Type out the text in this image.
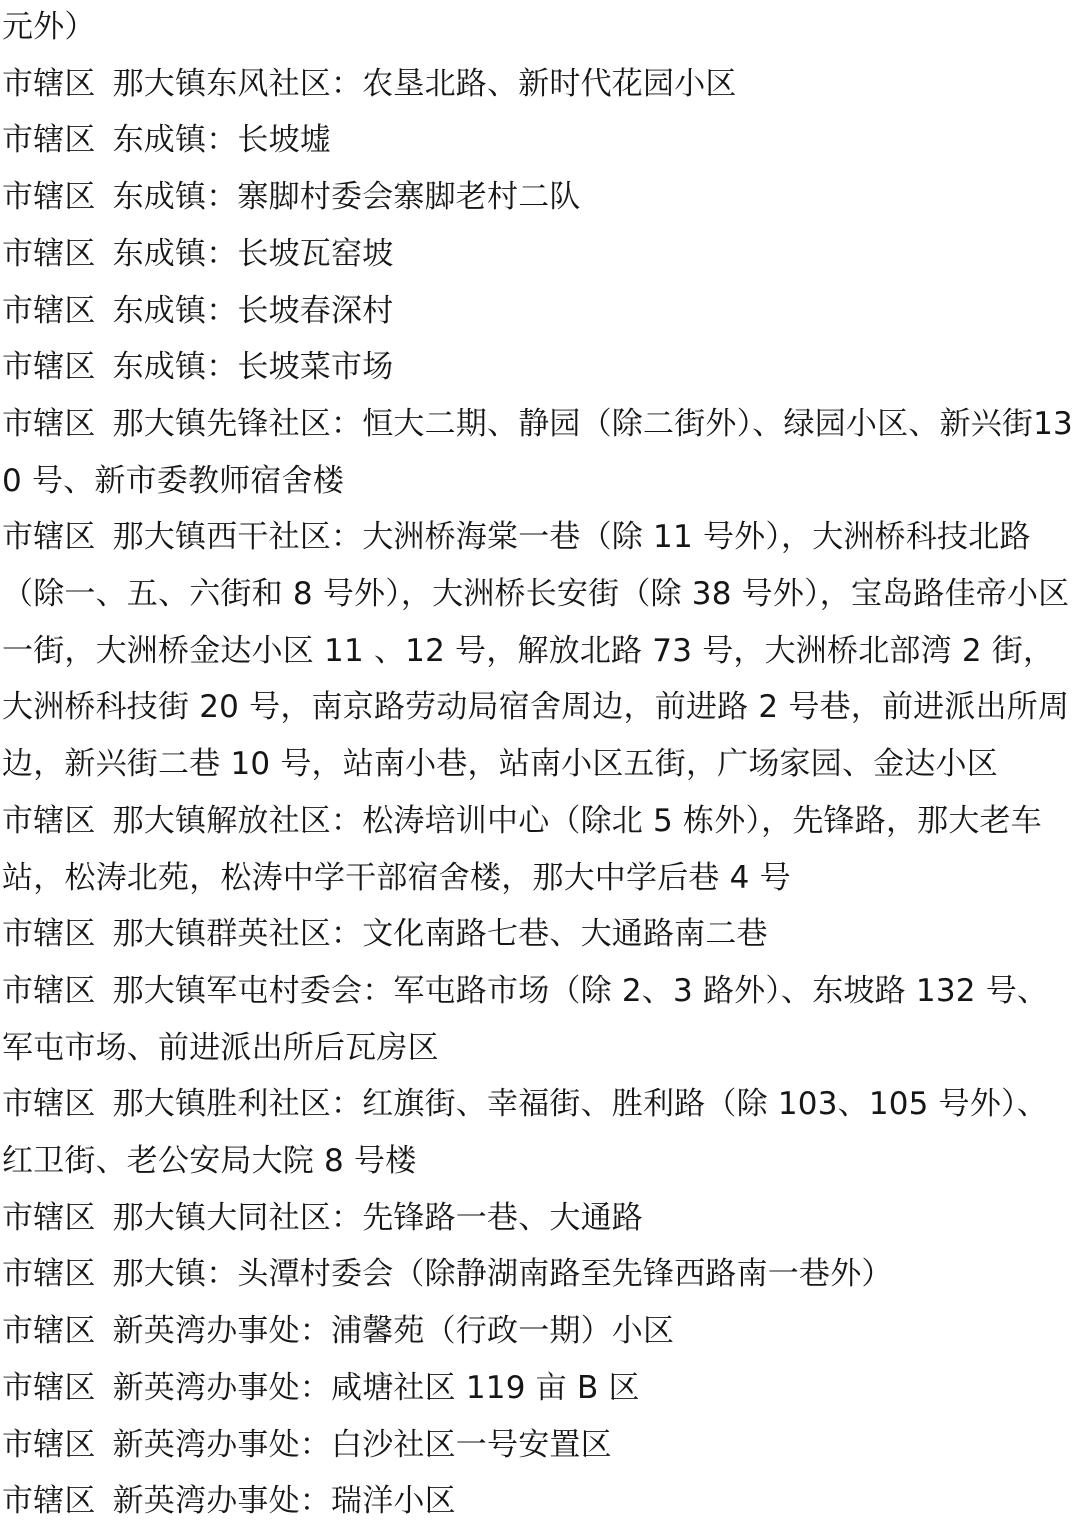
元外）

市辖区 那大镇东风社区：农垦北路、新时代花园小区

市辖区 东成镇：长坡墟

市辖区 东成镇：寨脚村委会寨脚老村二队

市辖区 东成镇：长坡瓦窑坡

市辖区 东成镇：长坡春深村

市辖区 东成镇：长坡菜市场

市辖区 那大镇先锋社区：恒大二期、静园（除二街外）、绿园小区、新兴街130 号、新市委教师宿舍楼

市辖区 那大镇西干社区：大洲桥海棠一巷（除 11 号外），大洲桥科技北路（除一、五、六街和 8 号外），大洲桥长安街（除 38 号外），宝岛路佳帝小区一街，大洲桥金达小区 11 、12 号，解放北路 73 号，大洲桥北部湾 2 街，大洲桥科技街 20 号，南京路劳动局宿舍周边，前进路 2 号巷，前进派出所周边，新兴街二巷 10 号，站南小巷，站南小区五街，广场家园、金达小区

市辖区 那大镇解放社区：松涛培训中心（除北 5 栋外），先锋路，那大老车站，松涛北苑，松涛中学干部宿舍楼，那大中学后巷 4 号

市辖区 那大镇群英社区：文化南路七巷、大通路南二巷

市辖区 那大镇军屯村委会：军屯路市场（除 2、3 路外）、东坡路 132 号、军屯市场、前进派出所后瓦房区

市辖区 那大镇胜利社区：红旗街、幸福街、胜利路（除 103、105 号外）、红卫街、老公安局大院 8 号楼

市辖区 那大镇大同社区：先锋路一巷、大通路

市辖区 那大镇：头潭村委会（除静湖南路至先锋西路南一巷外）

市辖区 新英湾办事处：浦馨苑（行政一期）小区

市辖区 新英湾办事处：咸塘社区 119 亩 B 区

市辖区 新英湾办事处：白沙社区一号安置区

市辖区 新英湾办事处：瑞洋小区
